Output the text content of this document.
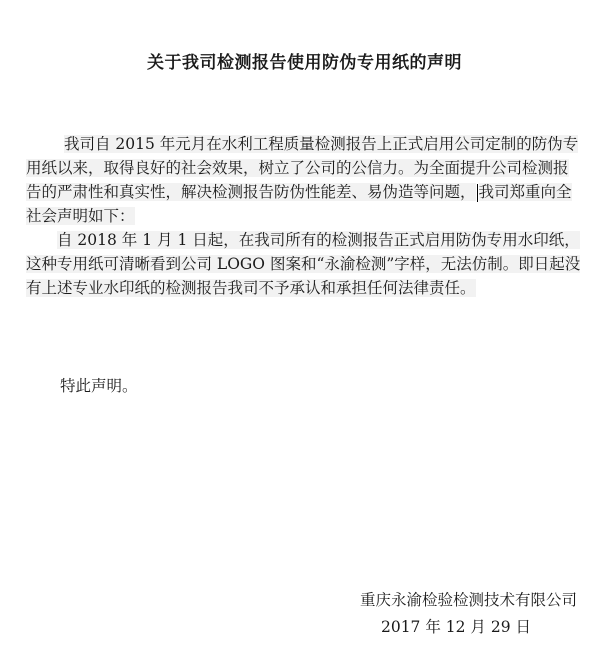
关于我司检测报告使用防伪专用纸的声明

我司自 2015 年元月在水利工程质量检测报告上正式启用公司定制的防伪专用纸以来，取得良好的社会效果，树立了公司的公信力。为全面提升公司检测报告的严肃性和真实性，解决检测报告防伪性能差、易伪造等问题， 我司郑重向全社会声明如下：

自 2018 年 1 月 1 日起，在我司所有的检测报告正式启用防伪专用水印纸，这种专用纸可清晰看到公司 LOGO 图案和“永渝检测”字样，无法仿制。即日起没有上述专业水印纸的检测报告我司不予承认和承担任何法律责任。

特此声明。
重庆永渝检验检测技术有限公司
2017 年 12 月 29 日
